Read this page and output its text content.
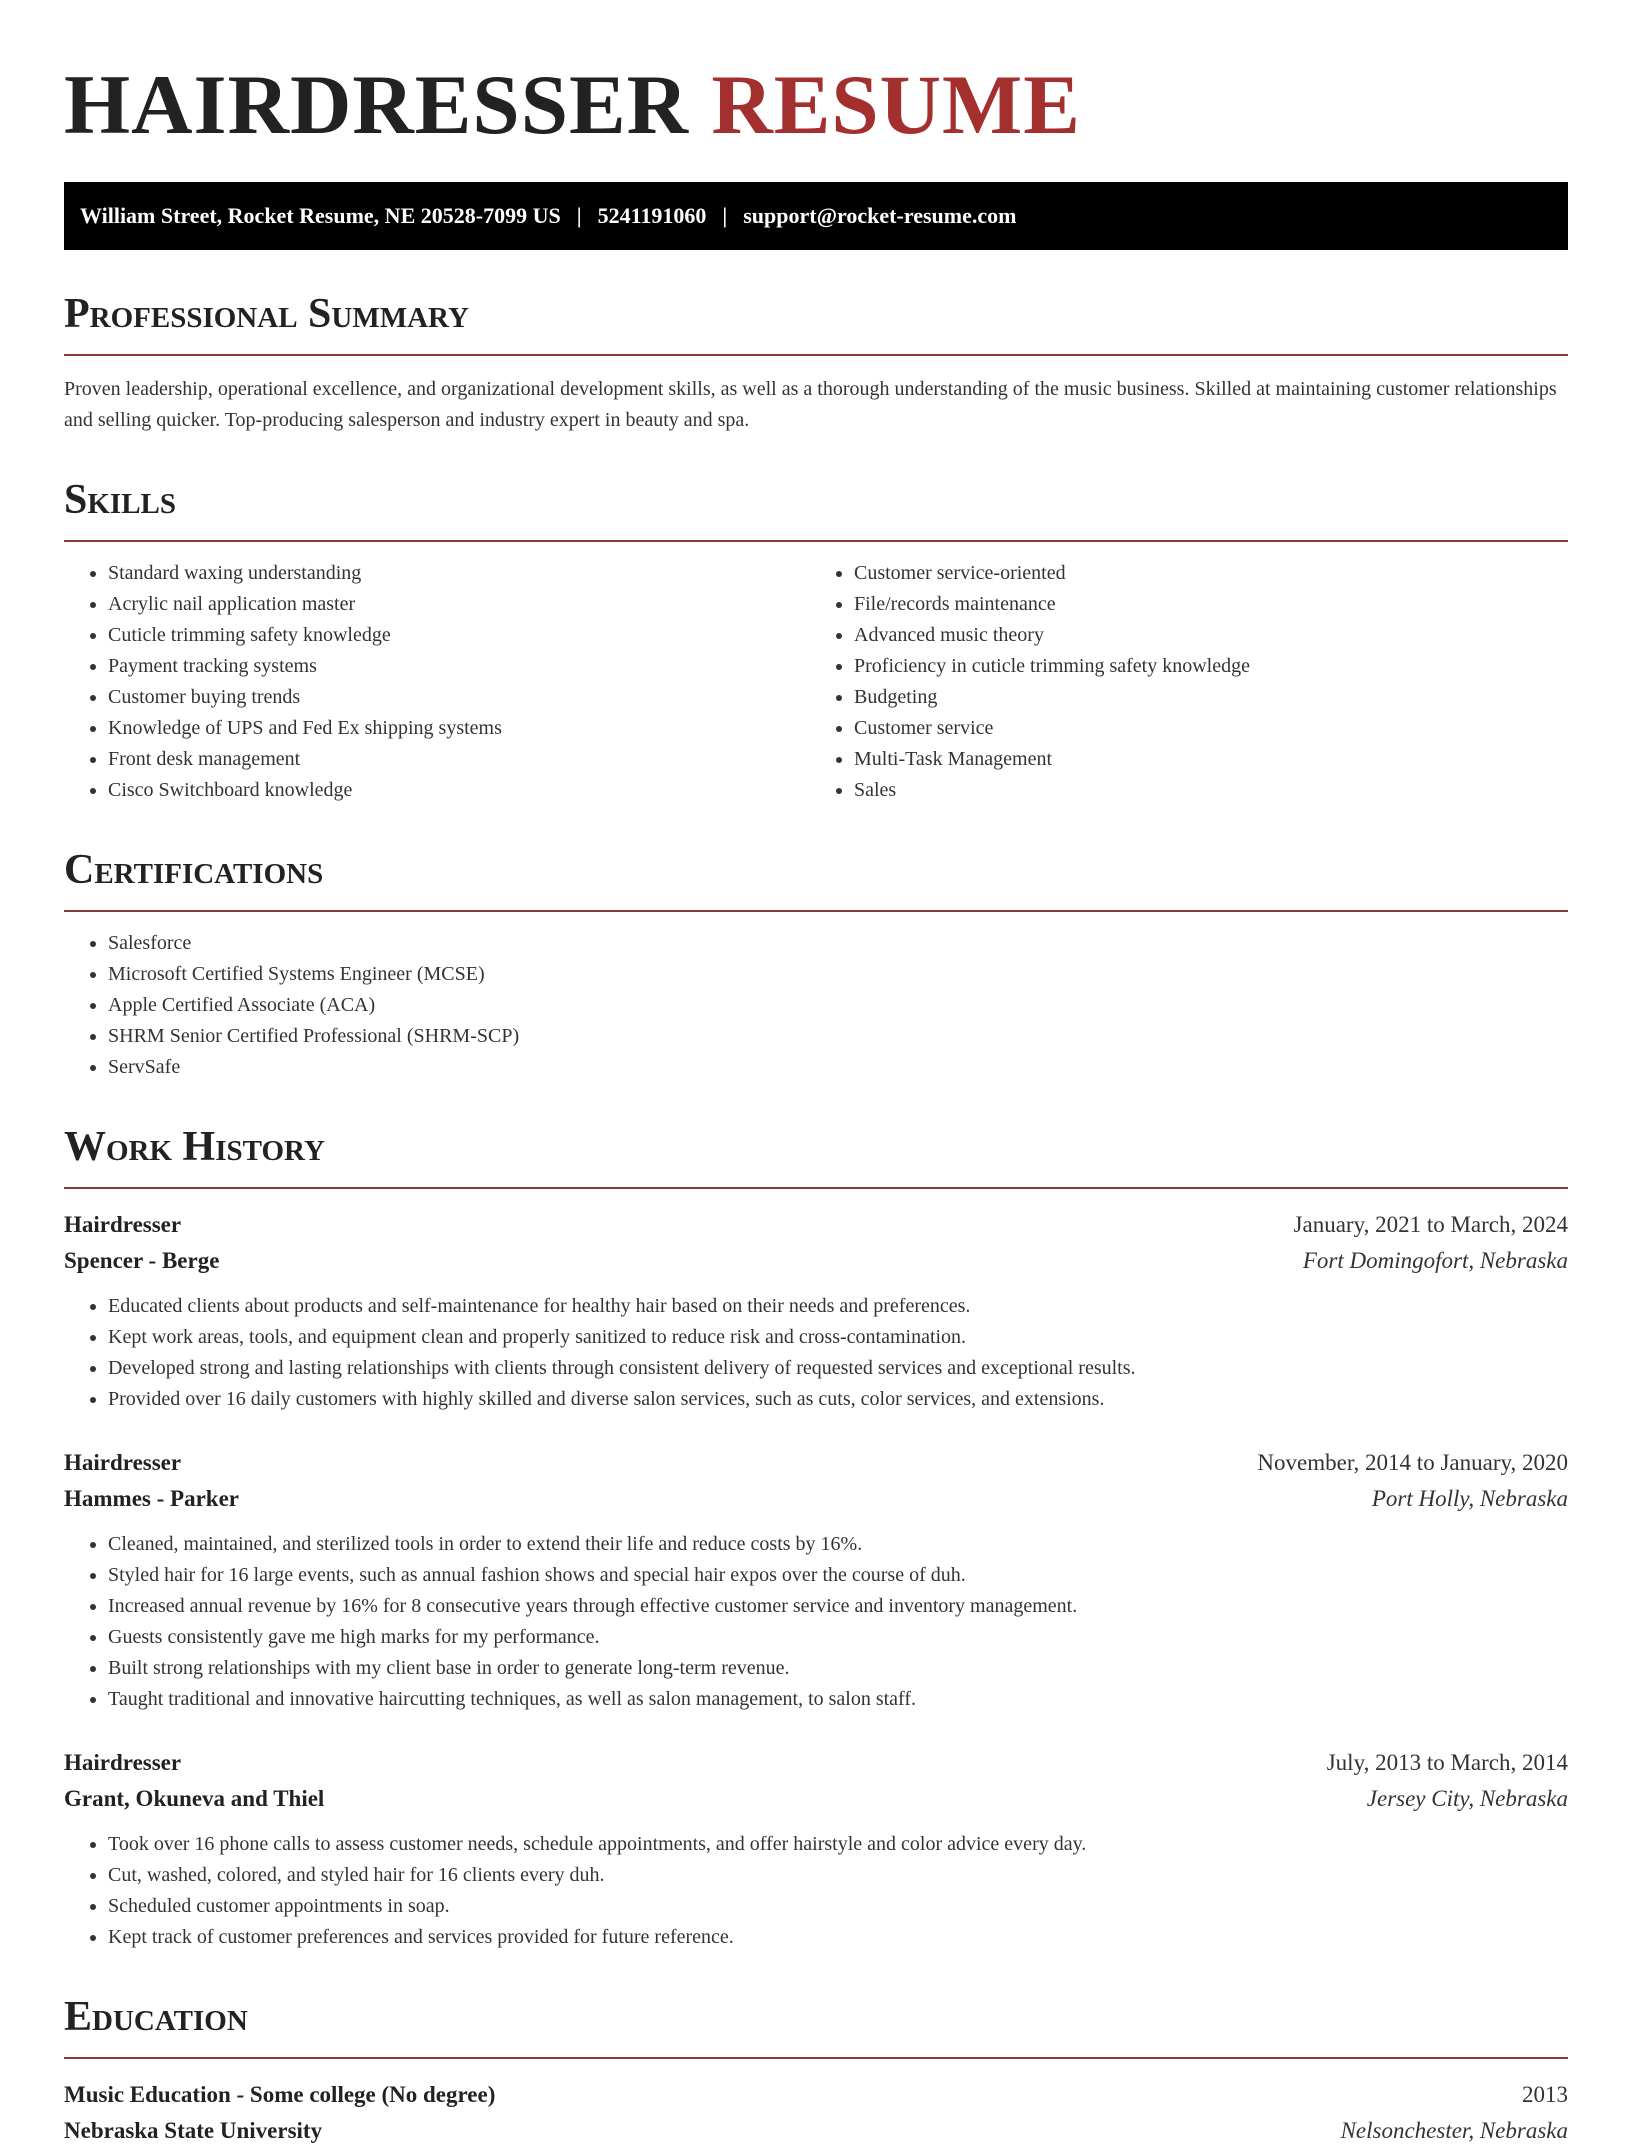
HAIRDRESSER RESUME
William Street, Rocket Resume, NE 20528-7099 US | 5241191060 | support@rocket-resume.com
Professional Summary

Proven leadership, operational excellence, and organizational development skills, as well as a thorough understanding of the music business. Skilled at maintaining customer relationships and selling quicker. Top-producing salesperson and industry expert in beauty and spa.

Skills
• Standard waxing understanding
• Acrylic nail application master
• Cuticle trimming safety knowledge
• Payment tracking systems
• Customer buying trends
• Knowledge of UPS and Fed Ex shipping systems
• Front desk management
• Cisco Switchboard knowledge
• Customer service-oriented
• File/records maintenance
• Advanced music theory
• Proficiency in cuticle trimming safety knowledge
• Budgeting
• Customer service
• Multi-Task Management
• Sales
Certifications
• Salesforce
• Microsoft Certified Systems Engineer (MCSE)
• Apple Certified Associate (ACA)
• SHRM Senior Certified Professional (SHRM-SCP)
• ServSafe
Work History
Hairdresser	January, 2021 to March, 2024
Spencer - Berge	Fort Domingofort, Nebraska
• Educated clients about products and self-maintenance for healthy hair based on their needs and preferences.
• Kept work areas, tools, and equipment clean and properly sanitized to reduce risk and cross-contamination.
• Developed strong and lasting relationships with clients through consistent delivery of requested services and exceptional results.
• Provided over 16 daily customers with highly skilled and diverse salon services, such as cuts, color services, and extensions.
Hairdresser	November, 2014 to January, 2020
Hammes - Parker	Port Holly, Nebraska
• Cleaned, maintained, and sterilized tools in order to extend their life and reduce costs by 16%.
• Styled hair for 16 large events, such as annual fashion shows and special hair expos over the course of duh.
• Increased annual revenue by 16% for 8 consecutive years through effective customer service and inventory management.
• Guests consistently gave me high marks for my performance.
• Built strong relationships with my client base in order to generate long-term revenue.
• Taught traditional and innovative haircutting techniques, as well as salon management, to salon staff.
Hairdresser	July, 2013 to March, 2014
Grant, Okuneva and Thiel	Jersey City, Nebraska
• Took over 16 phone calls to assess customer needs, schedule appointments, and offer hairstyle and color advice every day.
• Cut, washed, colored, and styled hair for 16 clients every duh.
• Scheduled customer appointments in soap.
• Kept track of customer preferences and services provided for future reference.
Education
Music Education - Some college (No degree)	2013
Nebraska State University	Nelsonchester, Nebraska
